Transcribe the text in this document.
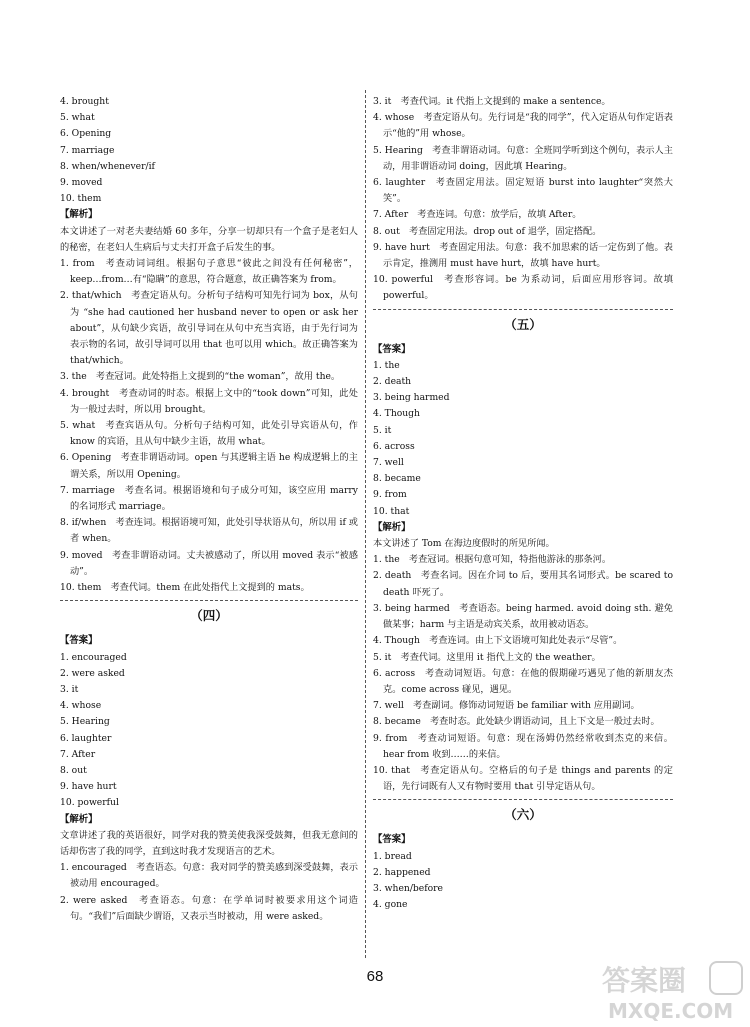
4. brought
5. what
6. Opening
7. marriage
8. when/whenever/if
9. moved
10. them
【解析】
本文讲述了一对老夫妻结婚 60 多年，分享一切却只有一个盒子是老妇人的秘密，在老妇人生病后与丈夫打开盒子后发生的事。
1. from　考查动词词组。根据句子意思“彼此之间没有任何秘密”，keep…from…有“隐瞒”的意思，符合题意，故正确答案为 from。
2. that/which　考查定语从句。分析句子结构可知先行词为 box，从句为 “she had cautioned her husband never to open or ask her about”，从句缺少宾语，故引导词在从句中充当宾语，由于先行词为表示物的名词，故引导词可以用 that 也可以用 which。故正确答案为 that/which。
3. the　考查冠词。此处特指上文提到的“the woman”，故用 the。
4. brought　考查动词的时态。根据上文中的“took down”可知，此处为一般过去时，所以用 brought。
5. what　考查宾语从句。分析句子结构可知，此处引导宾语从句，作 know 的宾语，且从句中缺少主语，故用 what。
6. Opening　考查非谓语动词。open 与其逻辑主语 he 构成逻辑上的主谓关系，所以用 Opening。
7. marriage　考查名词。根据语境和句子成分可知，该空应用 marry 的名词形式 marriage。
8. if/when　考查连词。根据语境可知，此处引导状语从句，所以用 if 或者 when。
9. moved　考查非谓语动词。丈夫被感动了，所以用 moved 表示“被感动”。
10. them　考查代词。them 在此处指代上文提到的 mats。
（四）
【答案】
1. encouraged
2. were asked
3. it
4. whose
5. Hearing
6. laughter
7. After
8. out
9. have hurt
10. powerful
【解析】
文章讲述了我的英语很好，同学对我的赞美使我深受鼓舞，但我无意间的话却伤害了我的同学，直到这时我才发现语言的艺术。
1. encouraged　考查语态。句意：我对同学的赞美感到深受鼓舞，表示被动用 encouraged。
2. were asked　考查语态。句意：在学单词时被要求用这个词造句。“我们”后面缺少谓语，又表示当时被动，用 were asked。
3. it　考查代词。it 代指上文提到的 make a sentence。
4. whose　考查定语从句。先行词是“我的同学”，代入定语从句作定语表示“他的”用 whose。
5. Hearing　考查非谓语动词。句意：全班同学听到这个例句，表示人主动，用非谓语动词 doing，因此填 Hearing。
6. laughter　考查固定用法。固定短语 burst into laughter“突然大笑”。
7. After　考查连词。句意：放学后，故填 After。
8. out　考查固定用法。drop out of 退学，固定搭配。
9. have hurt　考查固定用法。句意：我不加思索的话一定伤到了他。表示肯定，推测用 must have hurt，故填 have hurt。
10. powerful　考查形容词。be 为系动词，后面应用形容词。故填 powerful。
（五）
【答案】
1. the
2. death
3. being harmed
4. Though
5. it
6. across
7. well
8. became
9. from
10. that
【解析】
本文讲述了 Tom 在海边度假时的所见所闻。
1. the　考查冠词。根据句意可知，特指他游泳的那条河。
2. death　考查名词。因在介词 to 后，要用其名词形式。be scared to death 吓死了。
3. being harmed　考查语态。being harmed. avoid doing sth. 避免做某事；harm 与主语是动宾关系，故用被动语态。
4. Though　考查连词。由上下文语境可知此处表示“尽管”。
5. it　考查代词。这里用 it 指代上文的 the weather。
6. across　考查动词短语。句意：在他的假期碰巧遇见了他的新朋友杰克。come across 碰见，遇见。
7. well　考查副词。修饰动词短语 be familiar with 应用副词。
8. became　考查时态。此处缺少谓语动词，且上下文是一般过去时。
9. from　考查动词短语。句意：现在汤姆仍然经常收到杰克的来信。hear from 收到……的来信。
10. that　考查定语从句。空格后的句子是 things and parents 的定语，先行词既有人又有物时要用 that 引导定语从句。
（六）
【答案】
1. bread
2. happened
3. when/before
4. gone
68	答案圈
MXQE.COM
